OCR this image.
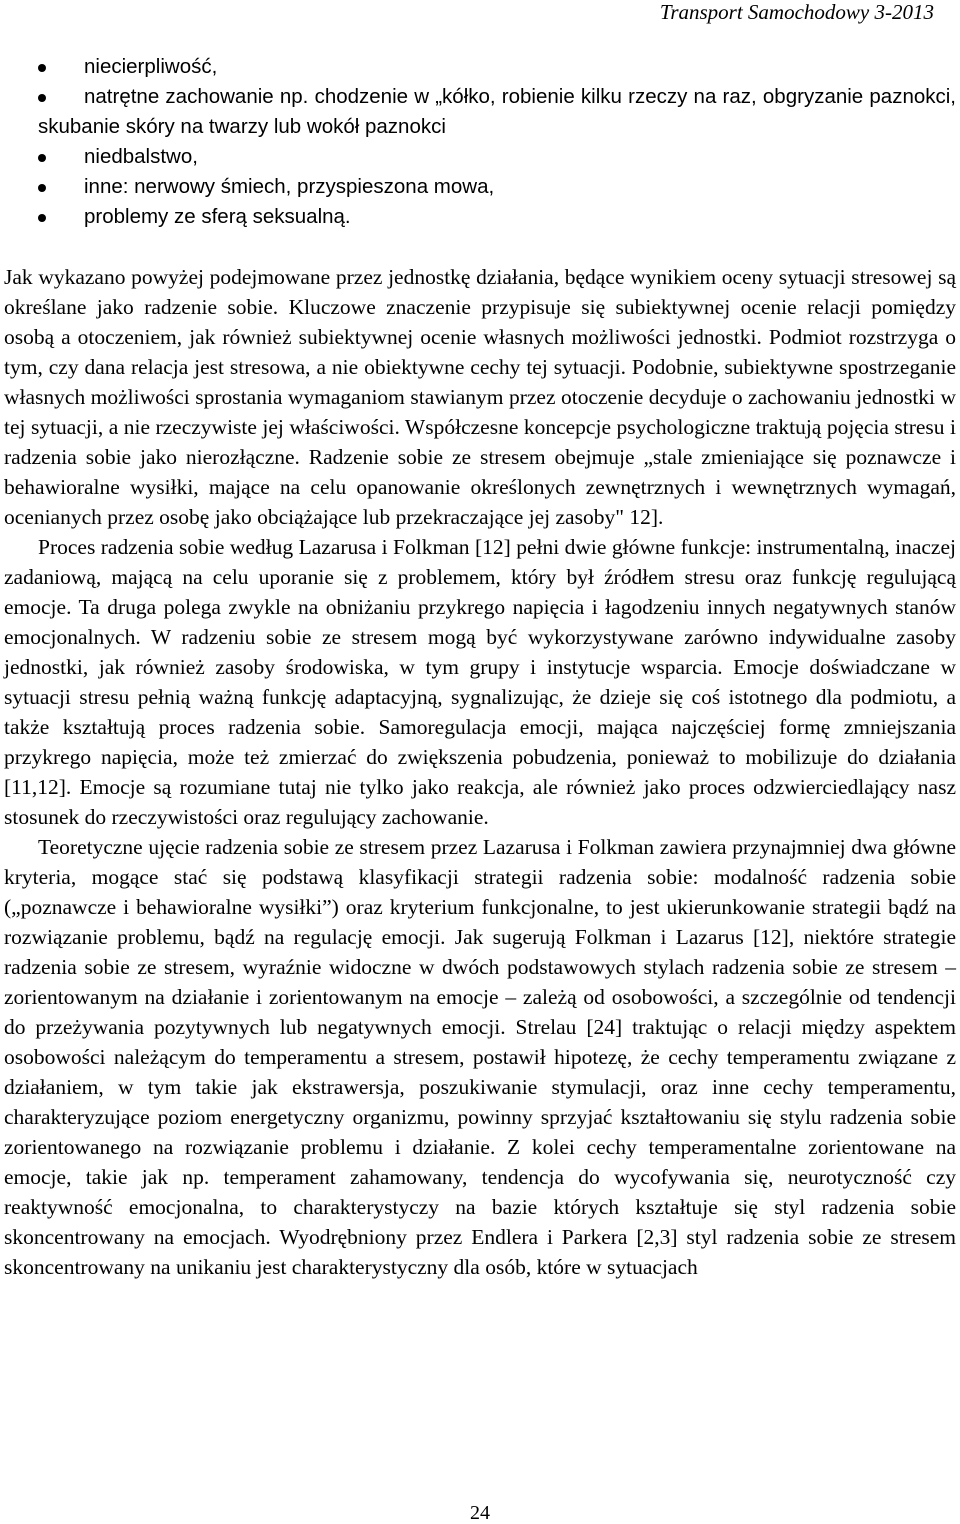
Transport Samochodowy 3-2013
niecierpliwość,
natrętne zachowanie np. chodzenie w „kółko, robienie kilku rzeczy na raz, obgryzanie paznokci, skubanie skóry na twarzy lub wokół paznokci
niedbalstwo,
inne: nerwowy śmiech, przyspieszona mowa,
problemy ze sferą seksualną.

Jak wykazano powyżej podejmowane przez jednostkę działania, będące wynikiem oceny sytuacji stresowej są określane jako radzenie sobie. Kluczowe znaczenie przypisuje się subiektywnej ocenie relacji pomiędzy osobą a otoczeniem, jak również subiektywnej ocenie własnych możliwości jednostki. Podmiot rozstrzyga o tym, czy dana relacja jest stresowa, a nie obiektywne cechy tej sytuacji. Podobnie, subiektywne spostrzeganie własnych możliwości sprostania wymaganiom stawianym przez otoczenie decyduje o zachowaniu jednostki w tej sytuacji, a nie rzeczywiste jej właściwości. Współczesne koncepcje psychologiczne traktują pojęcia stresu i radzenia sobie jako nierozłączne. Radzenie sobie ze stresem obejmuje „stale zmieniające się poznawcze i behawioralne wysiłki, mające na celu opanowanie określonych zewnętrznych i wewnętrznych wymagań, ocenianych przez osobę jako obciążające lub przekraczające jej zasoby" 12].

Proces radzenia sobie według Lazarusa i Folkman [12] pełni dwie główne funkcje: instrumentalną, inaczej zadaniową, mającą na celu uporanie się z problemem, który był źródłem stresu oraz funkcję regulującą emocje. Ta druga polega zwykle na obniżaniu przykrego napięcia i łagodzeniu innych negatywnych stanów emocjonalnych. W radzeniu sobie ze stresem mogą być wykorzystywane zarówno indywidualne zasoby jednostki, jak również zasoby środowiska, w tym grupy i instytucje wsparcia. Emocje doświadczane w sytuacji stresu pełnią ważną funkcję adaptacyjną, sygnalizując, że dzieje się coś istotnego dla podmiotu, a także kształtują proces radzenia sobie. Samoregulacja emocji, mająca najczęściej formę zmniejszania przykrego napięcia, może też zmierzać do zwiększenia pobudzenia, ponieważ to mobilizuje do działania [11,12]. Emocje są rozumiane tutaj nie tylko jako reakcja, ale również jako proces odzwierciedlający nasz stosunek do rzeczywistości oraz regulujący zachowanie.

Teoretyczne ujęcie radzenia sobie ze stresem przez Lazarusa i Folkman zawiera przynajmniej dwa główne kryteria, mogące stać się podstawą klasyfikacji strategii radzenia sobie: modalność radzenia sobie („poznawcze i behawioralne wysiłki”) oraz kryterium funkcjonalne, to jest ukierunkowanie strategii bądź na rozwiązanie problemu, bądź na regulację emocji. Jak sugerują Folkman i Lazarus [12], niektóre strategie radzenia sobie ze stresem, wyraźnie widoczne w dwóch podstawowych stylach radzenia sobie ze stresem – zorientowanym na działanie i zorientowanym na emocje – zależą od osobowości, a szczególnie od tendencji do przeżywania pozytywnych lub negatywnych emocji. Strelau [24] traktując o relacji między aspektem osobowości należącym do temperamentu a stresem, postawił hipotezę, że cechy temperamentu związane z działaniem, w tym takie jak ekstrawersja, poszukiwanie stymulacji, oraz inne cechy temperamentu, charakteryzujące poziom energetyczny organizmu, powinny sprzyjać kształtowaniu się stylu radzenia sobie zorientowanego na rozwiązanie problemu i działanie. Z kolei cechy temperamentalne zorientowane na emocje, takie jak np. temperament zahamowany, tendencja do wycofywania się, neurotyczność czy reaktywność emocjonalna, to charakterystyczy na bazie których kształtuje się styl radzenia sobie skoncentrowany na emocjach. Wyodrębniony przez Endlera i Parkera [2,3] styl radzenia sobie ze stresem skoncentrowany na unikaniu jest charakterystyczny dla osób, które w sytuacjach

24
